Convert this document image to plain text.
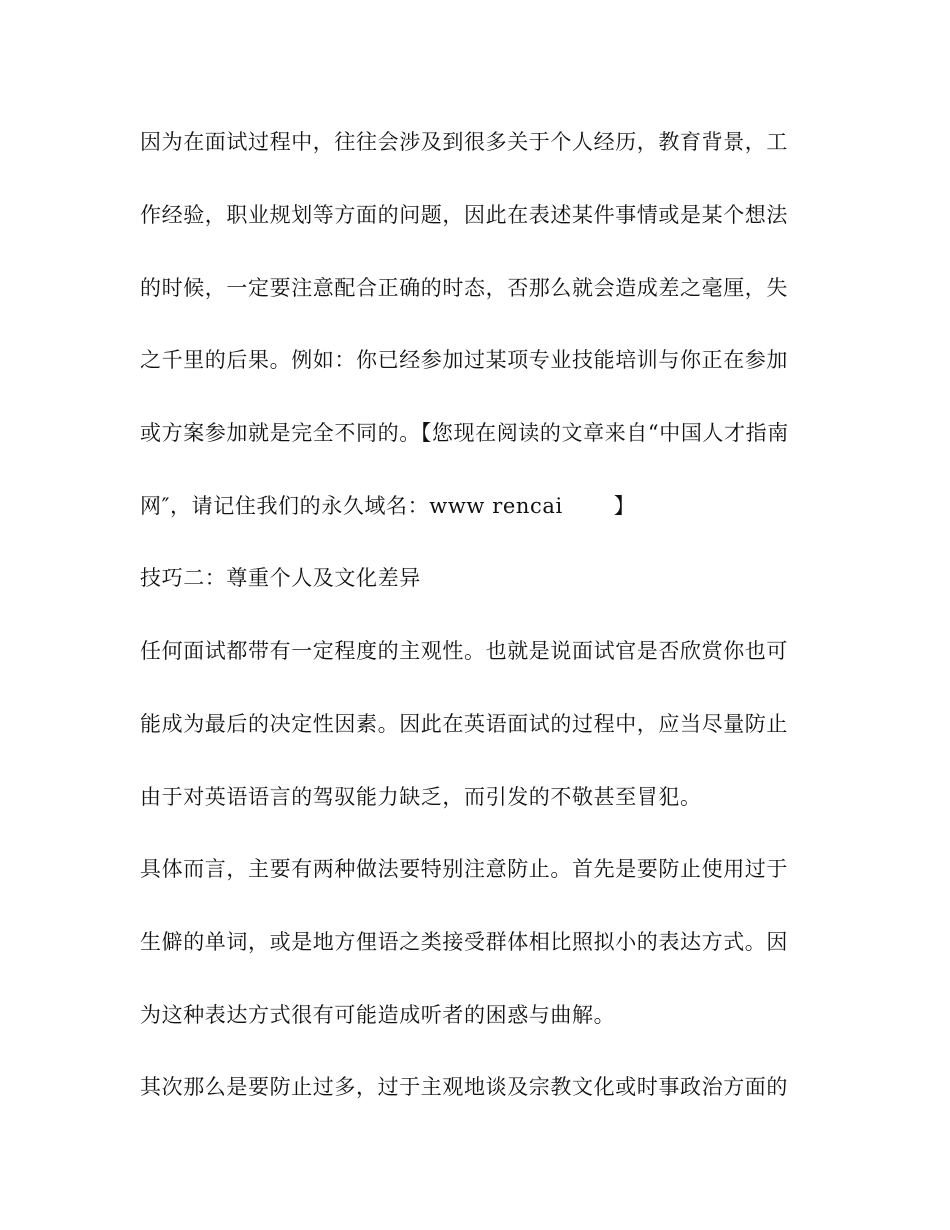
因为在面试过程中，往往会涉及到很多关于个人经历，教育背景，工
作经验，职业规划等方面的问题，因此在表述某件事情或是某个想法
的时候，一定要注意配合正确的时态，否那么就会造成差之毫厘，失
之千里的后果。例如：你已经参加过某项专业技能培训与你正在参加
或方案参加就是完全不同的。【您现在阅读的文章来自“中国人才指南
网″，请记住我们的永久域名：www rencai       】
技巧二：尊重个人及文化差异
任何面试都带有一定程度的主观性。也就是说面试官是否欣赏你也可
能成为最后的决定性因素。因此在英语面试的过程中，应当尽量防止
由于对英语语言的驾驭能力缺乏，而引发的不敬甚至冒犯。
具体而言，主要有两种做法要特别注意防止。首先是要防止使用过于
生僻的单词，或是地方俚语之类接受群体相比照拟小的表达方式。因
为这种表达方式很有可能造成听者的困惑与曲解。
其次那么是要防止过多，过于主观地谈及宗教文化或时事政治方面的
